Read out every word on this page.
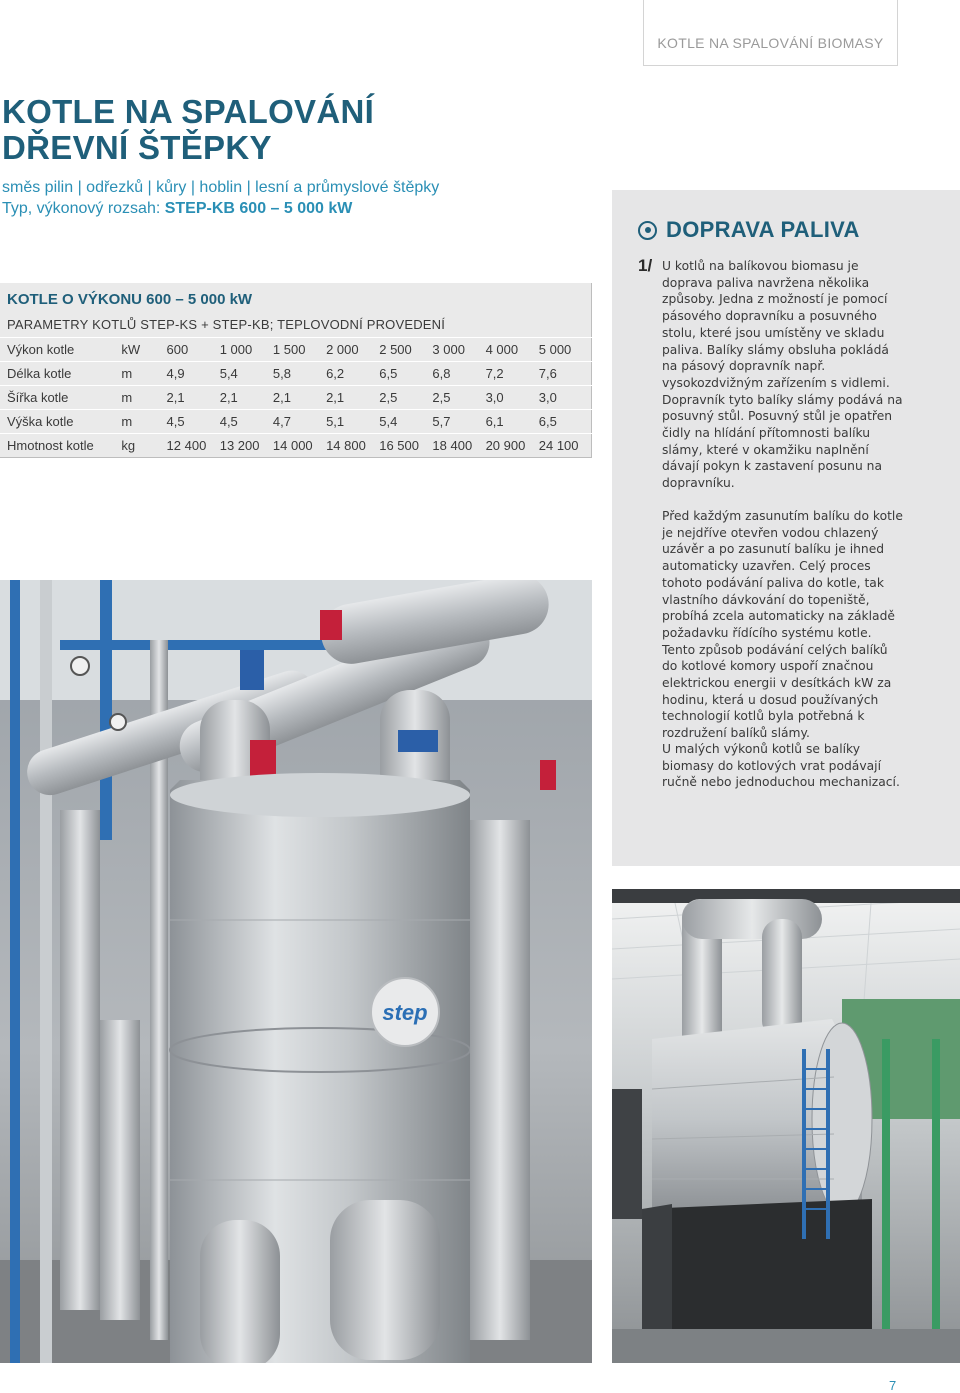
KOTLE NA SPALOVÁNÍ BIOMASY
KOTLE NA SPALOVÁNÍ
DŘEVNÍ ŠTĚPKY
směs pilin | odřezků | kůry | hoblin | lesní a průmyslové štěpky
Typ, výkonový rozsah: STEP-KB 600 – 5 000 kW
KOTLE O VÝKONU 600 – 5 000 kW
PARAMETRY KOTLŮ STEP-KS + STEP-KB; TEPLOVODNÍ PROVEDENÍ
Výkon kotle	kW	600	1 000	1 500	2 000	2 500	3 000	4 000	5 000
Délka kotle	m	4,9	5,4	5,8	6,2	6,5	6,8	7,2	7,6
Šířka kotle	m	2,1	2,1	2,1	2,1	2,5	2,5	3,0	3,0
Výška kotle	m	4,5	4,5	4,7	5,1	5,4	5,7	6,1	6,5
Hmotnost kotle	kg	12 400	13 200	14 000	14 800	16 500	18 400	20 900	24 100
step
DOPRAVA PALIVA
1/ U kotlů na balíkovou biomasu je doprava paliva navržena několika způsoby. Jedna z možností je pomocí pásového dopravníku a posuvného stolu, které jsou umístěny ve skladu paliva. Balíky slámy obsluha pokládá na pásový dopravník např. vysokozdvižným zařízením s vidlemi. Dopravník tyto balíky slámy podává na posuvný stůl. Posuvný stůl je opatřen čidly na hlídání přítomnosti balíku slámy, které v okamžiku naplnění dávají pokyn k zastavení posunu na dopravníku.

Před každým zasunutím balíku do kotle je nejdříve otevřen vodou chlazený uzávěr a po zasunutí balíku je ihned automaticky uzavřen. Celý proces tohoto podávání paliva do kotle, tak vlastního dávkování do topeniště, probíhá zcela automaticky na základě požadavku řídícího systému kotle. Tento způsob podávání celých balíků do kotlové komory uspoří značnou elektrickou energii v desítkách kW za hodinu, která u dosud používaných technologií kotlů byla potřebná k rozdružení balíků slámy.

U malých výkonů kotlů se balíky biomasy do kotlových vrat podávají ručně nebo jednoduchou mechanizací.

7
